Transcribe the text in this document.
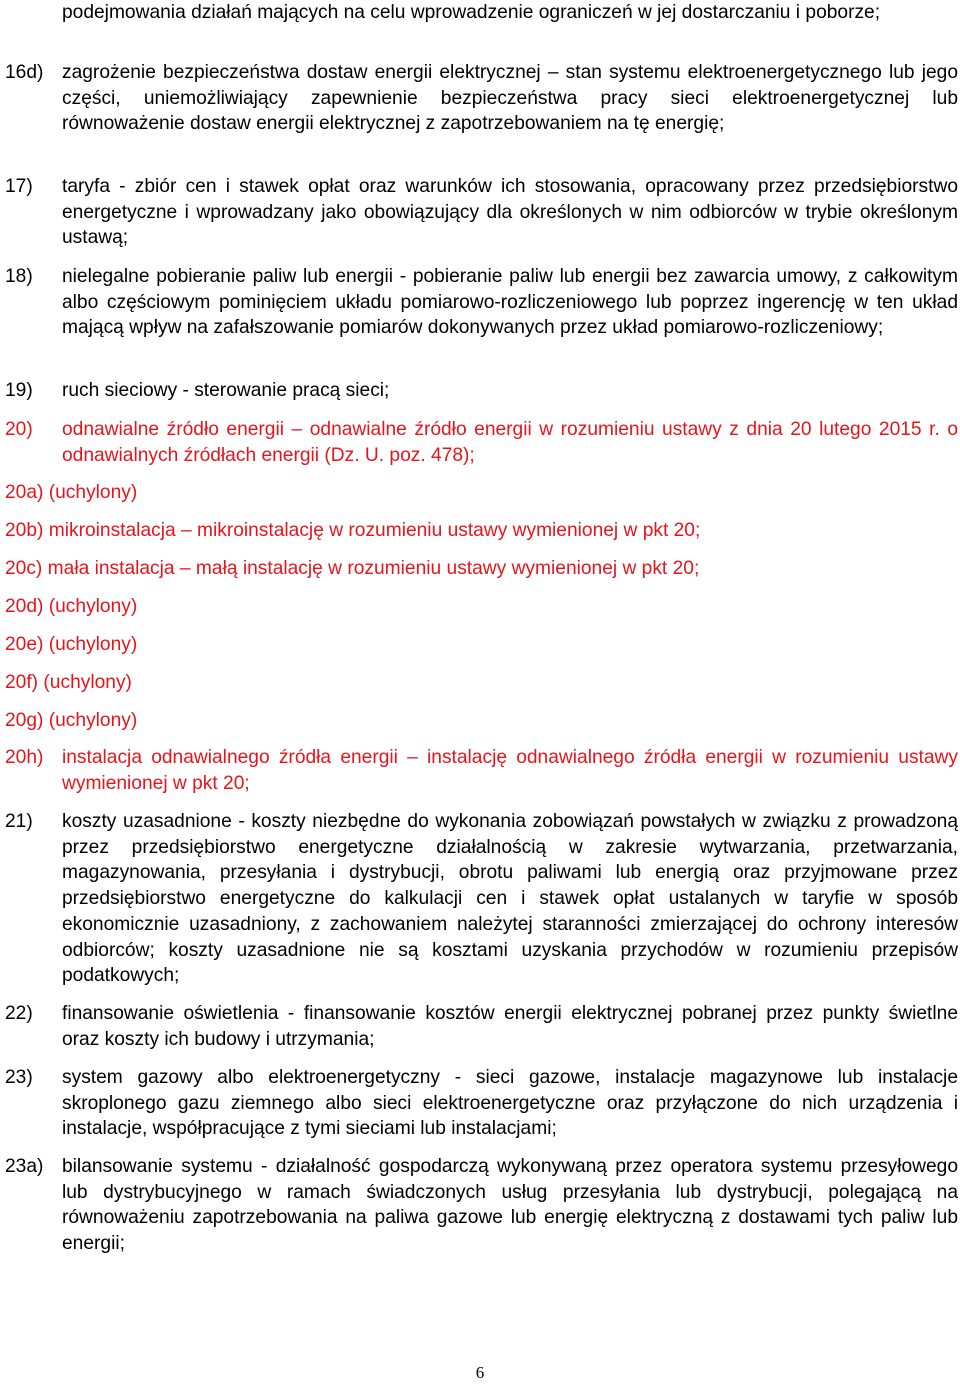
podejmowania działań mających na celu wprowadzenie ograniczeń w jej dostarczaniu i poborze;
16d) zagrożenie bezpieczeństwa dostaw energii elektrycznej – stan systemu elektroenergetycznego lub jego części, uniemożliwiający zapewnienie bezpieczeństwa pracy sieci elektroenergetycznej lub równoważenie dostaw energii elektrycznej z zapotrzebowaniem na tę energię;
17) taryfa - zbiór cen i stawek opłat oraz warunków ich stosowania, opracowany przez przedsiębiorstwo energetyczne i wprowadzany jako obowiązujący dla określonych w nim odbiorców w trybie określonym ustawą;
18) nielegalne pobieranie paliw lub energii - pobieranie paliw lub energii bez zawarcia umowy, z całkowitym albo częściowym pominięciem układu pomiarowo-rozliczeniowego lub poprzez ingerencję w ten układ mającą wpływ na zafałszowanie pomiarów dokonywanych przez układ pomiarowo-rozliczeniowy;
19) ruch sieciowy - sterowanie pracą sieci;
20) odnawialne źródło energii – odnawialne źródło energii w rozumieniu ustawy z dnia 20 lutego 2015 r. o odnawialnych źródłach energii (Dz. U. poz. 478);
20a) (uchylony)
20b) mikroinstalacja – mikroinstalację w rozumieniu ustawy wymienionej w pkt 20;
20c) mała instalacja – małą instalację w rozumieniu ustawy wymienionej w pkt 20;
20d) (uchylony)
20e) (uchylony)
20f) (uchylony)
20g) (uchylony)
20h) instalacja odnawialnego źródła energii – instalację odnawialnego źródła energii w rozumieniu ustawy wymienionej w pkt 20;
21) koszty uzasadnione - koszty niezbędne do wykonania zobowiązań powstałych w związku z prowadzoną przez przedsiębiorstwo energetyczne działalnością w zakresie wytwarzania, przetwarzania, magazynowania, przesyłania i dystrybucji, obrotu paliwami lub energią oraz przyjmowane przez przedsiębiorstwo energetyczne do kalkulacji cen i stawek opłat ustalanych w taryfie w sposób ekonomicznie uzasadniony, z zachowaniem należytej staranności zmierzającej do ochrony interesów odbiorców; koszty uzasadnione nie są kosztami uzyskania przychodów w rozumieniu przepisów podatkowych;
22) finansowanie oświetlenia - finansowanie kosztów energii elektrycznej pobranej przez punkty świetlne oraz koszty ich budowy i utrzymania;
23) system gazowy albo elektroenergetyczny - sieci gazowe, instalacje magazynowe lub instalacje skroplonego gazu ziemnego albo sieci elektroenergetyczne oraz przyłączone do nich urządzenia i instalacje, współpracujące z tymi sieciami lub instalacjami;
23a) bilansowanie systemu - działalność gospodarczą wykonywaną przez operatora systemu przesyłowego lub dystrybucyjnego w ramach świadczonych usług przesyłania lub dystrybucji, polegającą na równoważeniu zapotrzebowania na paliwa gazowe lub energię elektryczną z dostawami tych paliw lub energii;
6
